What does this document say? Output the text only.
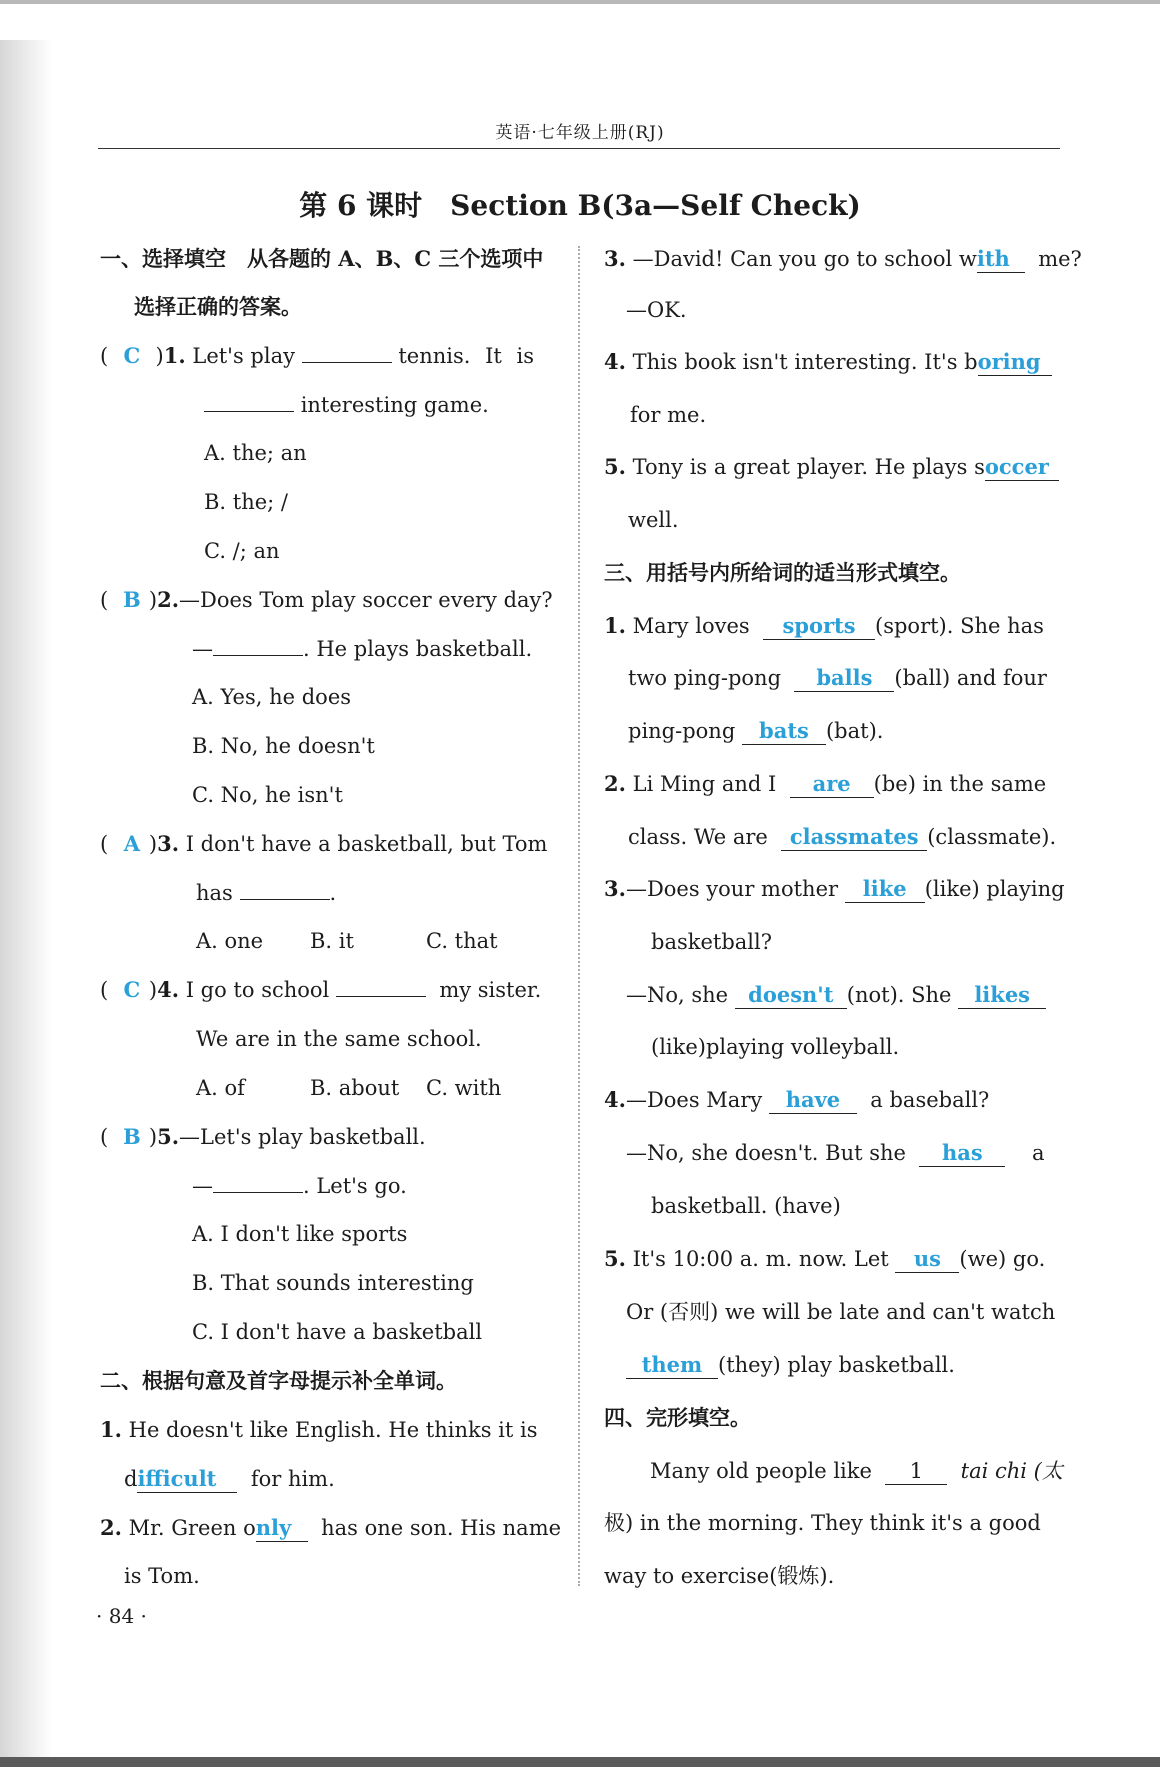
英语·七年级上册(RJ)
第 6 课时　Section B(3a—Self Check)
一、选择填空　从各题的 A、B、C 三个选项中
选择正确的答案。
( C )1. Let's play	tennis. It is
interesting game.
A. the; an
B. the; /
C. /; an
( B )2.—Does Tom play soccer every day?
—	. He plays basketball.
A. Yes, he does
B. No, he doesn't
C. No, he isn't
( A )3. I don't have a basketball, but Tom
has	.
A. one B. it	C. that
( C )4. I go to school	my sister.
We are in the same school.
A. of	B. about C. with
( B )5.—Let's play basketball.
—	. Let's go.
A. I don't like sports
B. That sounds interesting
C. I don't have a basketball
二、根据句意及首字母提示补全单词。
1. He doesn't like English. He thinks it is
difficult for him.
2. Mr. Green only has one son. His name
is Tom.
· 84 ·
3. —David! Can you go to school with me?
—OK.
4. This book isn't interesting. It's boring
for me.
5. Tony is a great player. He plays soccer
well.
三、用括号内所给词的适当形式填空。
1. Mary loves sports (sport). She has
two ping-pong balls (ball) and four
ping-pong bats (bat).
2. Li Ming and I are (be) in the same
class. We are classmates (classmate).
3.—Does your mother like (like) playing
basketball?
—No, she doesn't (not). She likes
(like)playing volleyball.
4.—Does Mary have a baseball?
—No, she doesn't. But she has a
basketball. (have)
5. It's 10:00 a. m. now. Let us (we) go.
Or (否则) we will be late and can't watch
them (they) play basketball.
四、完形填空。
Many old people like 1 tai chi (太
极) in the morning. They think it's a good
way to exercise(锻炼).
